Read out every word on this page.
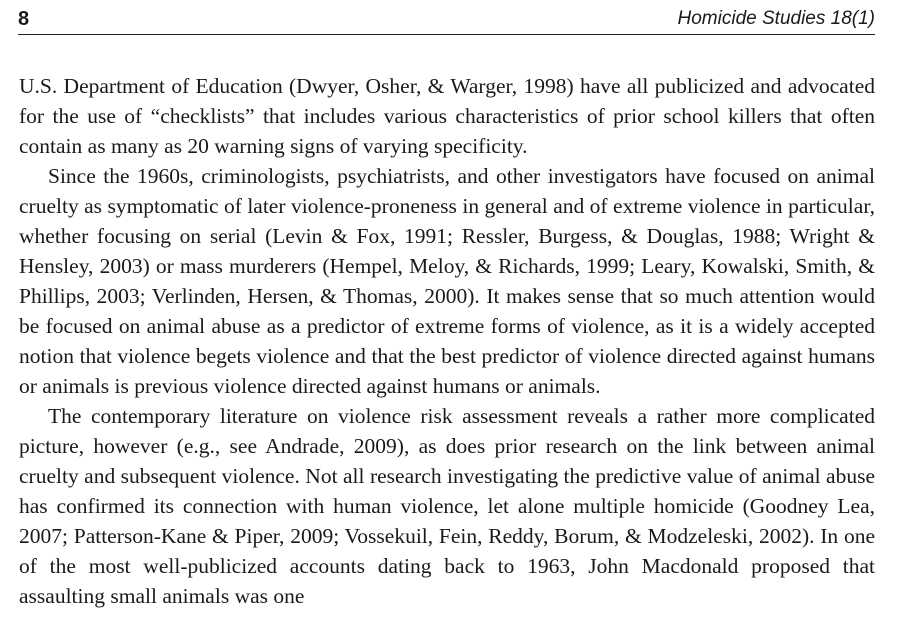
8	Homicide Studies 18(1)

U.S. Department of Education (Dwyer, Osher, & Warger, 1998) have all publicized and advocated for the use of “checklists” that includes various characteristics of prior school killers that often contain as many as 20 warning signs of varying specificity.

Since the 1960s, criminologists, psychiatrists, and other investigators have focused on animal cruelty as symptomatic of later violence-proneness in general and of extreme violence in particular, whether focusing on serial (Levin & Fox, 1991; Ressler, Burgess, & Douglas, 1988; Wright & Hensley, 2003) or mass murderers (Hempel, Meloy, & Richards, 1999; Leary, Kowalski, Smith, & Phillips, 2003; Verlinden, Hersen, & Thomas, 2000). It makes sense that so much attention would be focused on animal abuse as a predictor of extreme forms of violence, as it is a widely accepted notion that violence begets violence and that the best predictor of violence directed against humans or animals is previous violence directed against humans or animals.

The contemporary literature on violence risk assessment reveals a rather more complicated picture, however (e.g., see Andrade, 2009), as does prior research on the link between animal cruelty and subsequent violence. Not all research investigating the predictive value of animal abuse has confirmed its connection with human violence, let alone multiple homicide (Goodney Lea, 2007; Patterson-Kane & Piper, 2009; Vossekuil, Fein, Reddy, Borum, & Modzeleski, 2002). In one of the most well-publicized accounts dating back to 1963, John Macdonald proposed that assaulting small animals was one
